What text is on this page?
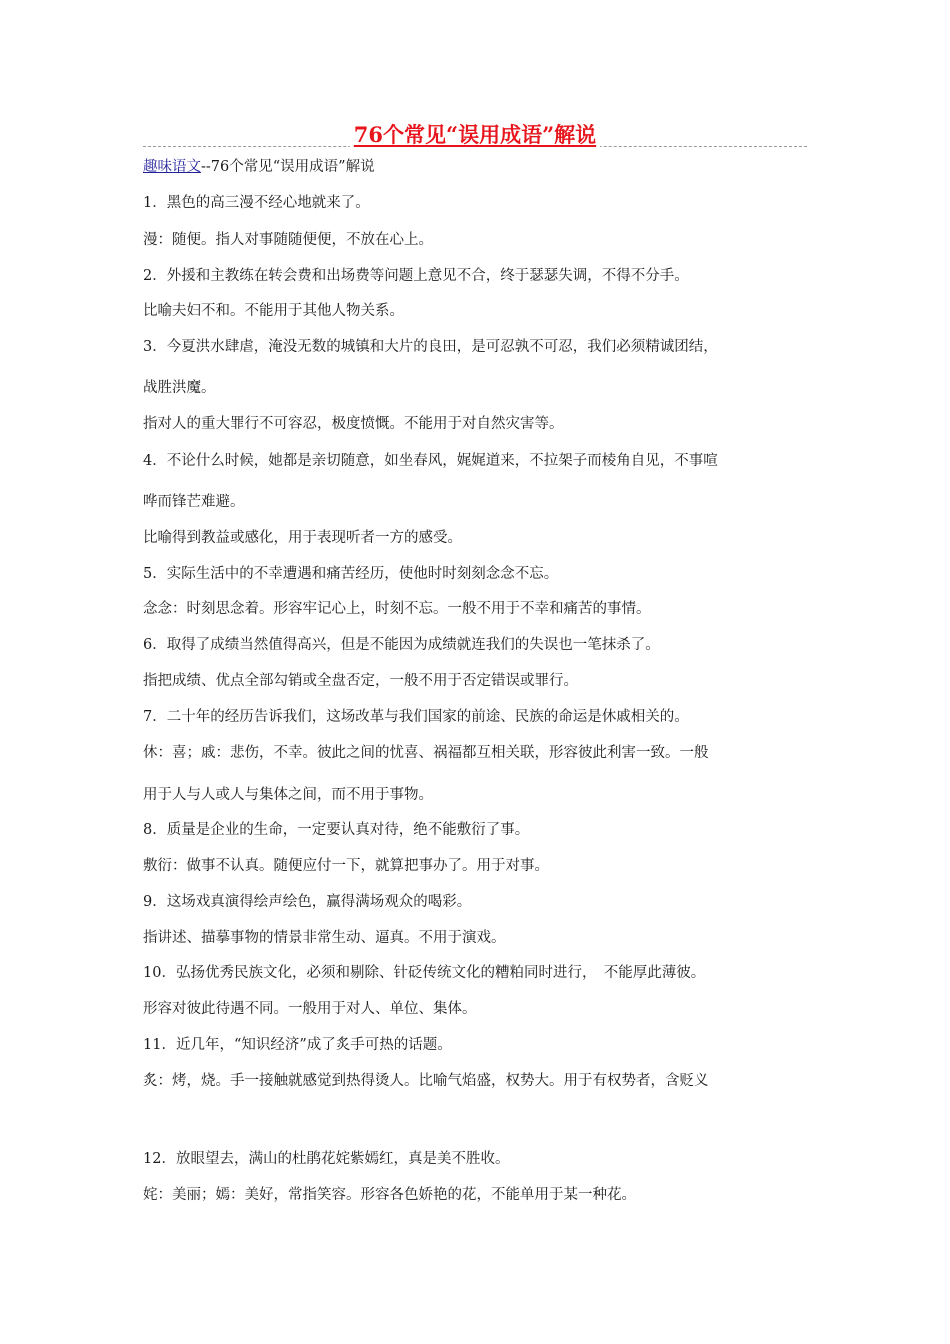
76个常见“误用成语”解说
趣味语文--76个常见“误用成语”解说
1．黑色的高三漫不经心地就来了。
漫：随便。指人对事随随便便，不放在心上。
2．外援和主教练在转会费和出场费等问题上意见不合，终于瑟瑟失调，不得不分手。
比喻夫妇不和。不能用于其他人物关系。
3．今夏洪水肆虐，淹没无数的城镇和大片的良田，是可忍孰不可忍，我们必须精诚团结，
战胜洪魔。
指对人的重大罪行不可容忍，极度愤慨。不能用于对自然灾害等。
4．不论什么时候，她都是亲切随意，如坐春风，娓娓道来，不拉架子而棱角自见，不事喧
哗而锋芒难避。
比喻得到教益或感化，用于表现听者一方的感受。
5．实际生活中的不幸遭遇和痛苦经历，使他时时刻刻念念不忘。
念念：时刻思念着。形容牢记心上，时刻不忘。一般不用于不幸和痛苦的事情。
6．取得了成绩当然值得高兴，但是不能因为成绩就连我们的失误也一笔抹杀了。
指把成绩、优点全部勾销或全盘否定，一般不用于否定错误或罪行。
7．二十年的经历告诉我们，这场改革与我们国家的前途、民族的命运是休戚相关的。
休：喜；戚：悲伤，不幸。彼此之间的忧喜、祸福都互相关联，形容彼此利害一致。一般
用于人与人或人与集体之间，而不用于事物。
8．质量是企业的生命，一定要认真对待，绝不能敷衍了事。
敷衍：做事不认真。随便应付一下，就算把事办了。用于对事。
9．这场戏真演得绘声绘色，赢得满场观众的喝彩。
指讲述、描摹事物的情景非常生动、逼真。不用于演戏。
10．弘扬优秀民族文化，必须和剔除、针砭传统文化的糟粕同时进行，　不能厚此薄彼。
形容对彼此待遇不同。一般用于对人、单位、集体。
11．近几年，“知识经济”成了炙手可热的话题。
炙：烤，烧。手一接触就感觉到热得烫人。比喻气焰盛，权势大。用于有权势者，含贬义
12．放眼望去，满山的杜鹃花姹紫嫣红，真是美不胜收。
姹：美丽；嫣：美好，常指笑容。形容各色娇艳的花，不能单用于某一种花。
